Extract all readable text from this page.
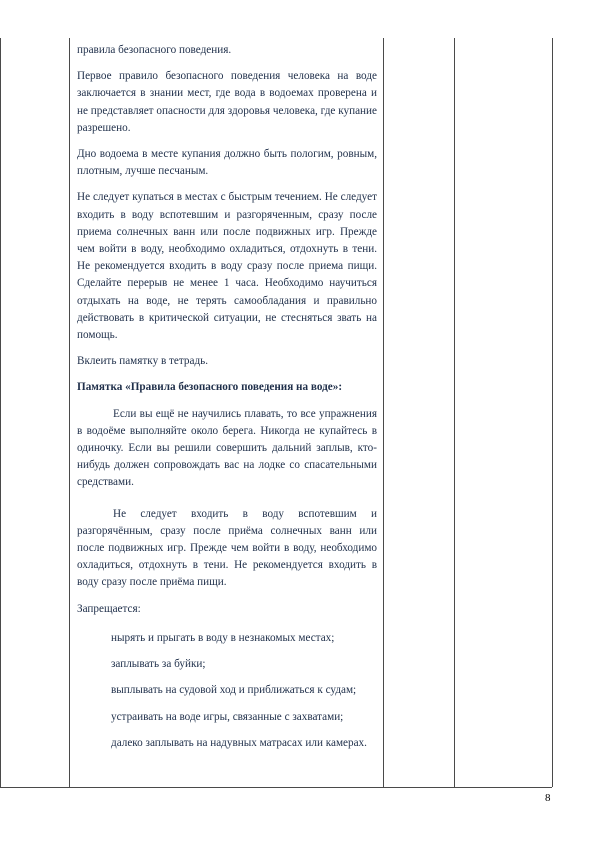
правила безопасного поведения.

Первое правило безопасного поведения человека на воде заключается в знании мест, где вода в водоемах проверена и не представляет опасности для здоровья человека, где купание разрешено.

Дно водоема в месте купания должно быть пологим, ровным, плотным, лучше песчаным.

Не следует купаться в местах с быстрым течением. Не следует входить в воду вспотевшим и разгоряченным, сразу после приема солнечных ванн или после подвижных игр. Прежде чем войти в воду, необходимо охладиться, отдохнуть в тени. Не рекомендуется входить в воду сразу после приема пищи. Сделайте перерыв не менее 1 часа. Необходимо научиться отдыхать на воде, не терять самообладания и правильно действовать в критической ситуации, не стесняться звать на помощь.

Вклеить памятку в тетрадь.

Памятка «Правила безопасного поведения на воде»:

Если вы ещё не научились плавать, то все упражнения в водоёме выполняйте около берега. Никогда не купайтесь в одиночку. Если вы решили совершить дальний заплыв, кто-нибудь должен сопровождать вас на лодке со спасательными средствами.

Не следует входить в воду вспотевшим и разгорячённым, сразу после приёма солнечных ванн или после подвижных игр. Прежде чем войти в воду, необходимо охладиться, отдохнуть в тени. Не рекомендуется входить в воду сразу после приёма пищи.

Запрещается:

нырять и прыгать в воду в незнакомых местах;
заплывать за буйки;
выплывать на судовой ход и приближаться к судам;
устраивать на воде игры, связанные с захватами;
далеко заплывать на надувных матрасах или камерах.
8
